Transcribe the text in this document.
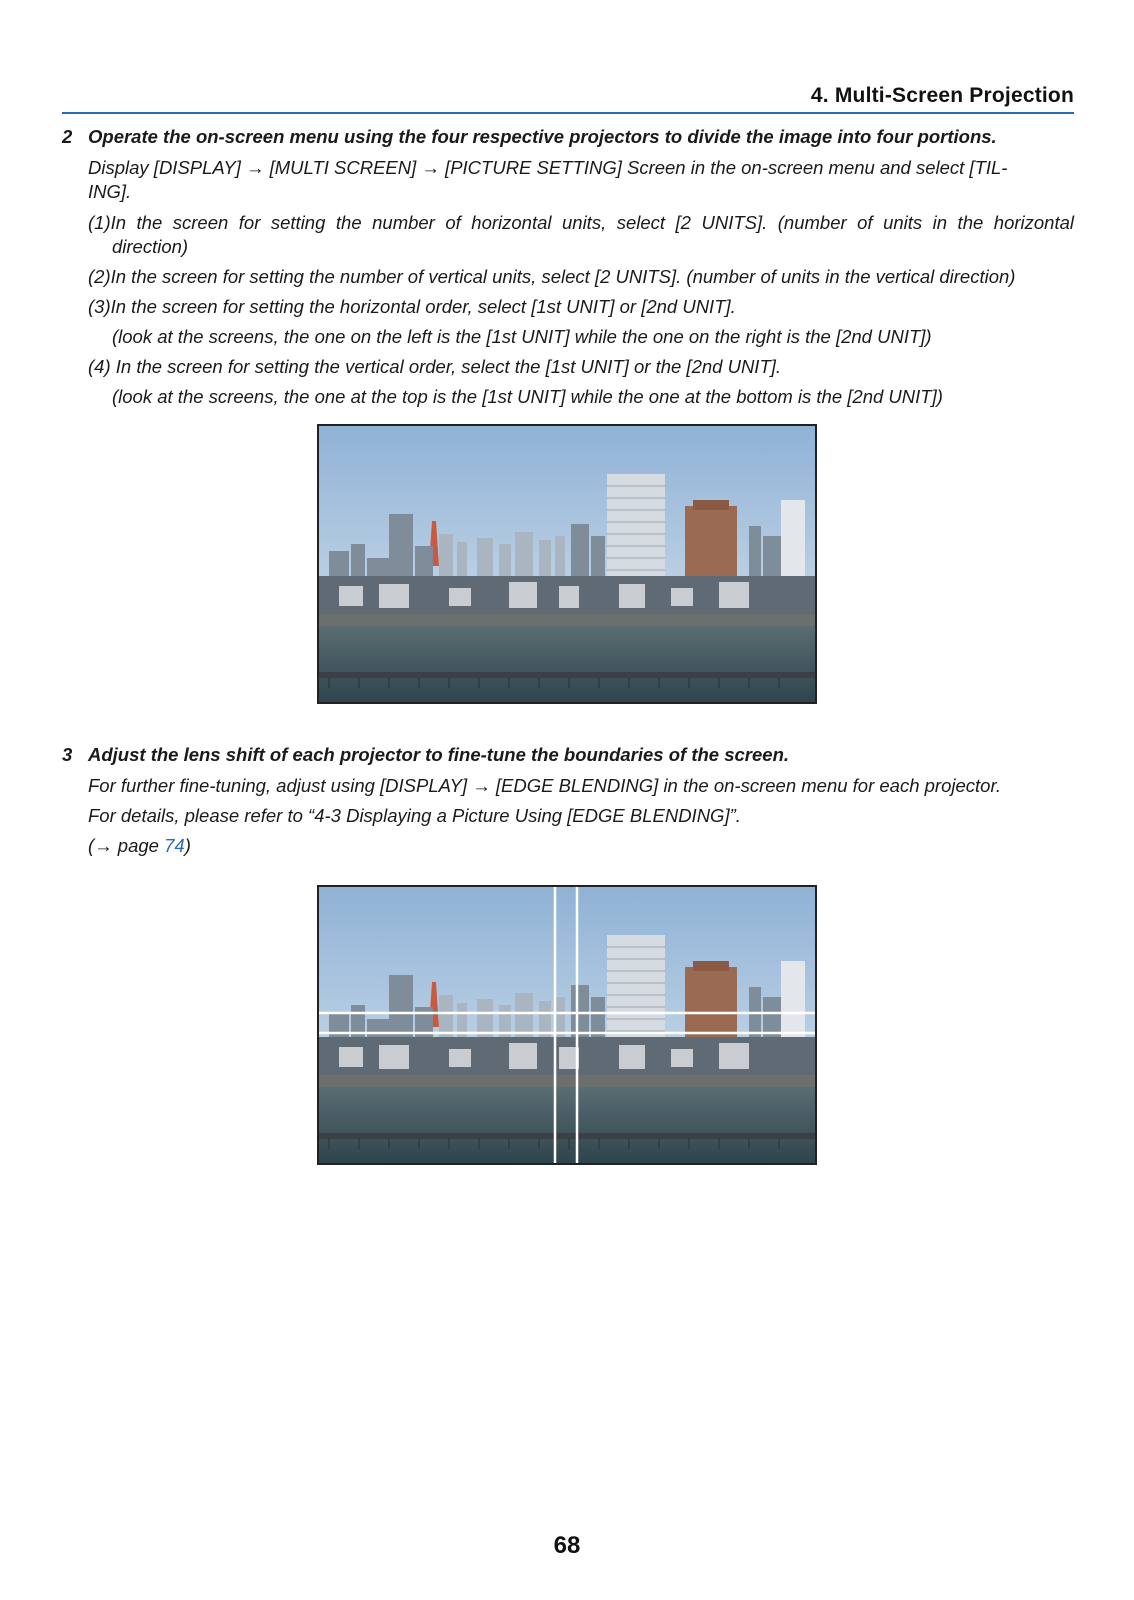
4. Multi-Screen Projection
2 Operate the on-screen menu using the four respective projectors to divide the image into four portions.
Display [DISPLAY] → [MULTI SCREEN] → [PICTURE SETTING] Screen in the on-screen menu and select [TIL-
ING].
(1)In the screen for setting the number of horizontal units, select [2 UNITS]. (number of units in the horizontal
direction)
(2)In the screen for setting the number of vertical units, select [2 UNITS]. (number of units in the vertical direction)
(3)In the screen for setting the horizontal order, select [1st UNIT] or [2nd UNIT].
(look at the screens, the one on the left is the [1st UNIT] while the one on the right is the [2nd UNIT])
(4) In the screen for setting the vertical order, select the [1st UNIT] or the [2nd UNIT].
(look at the screens, the one at the top is the [1st UNIT] while the one at the bottom is the [2nd UNIT])
3 Adjust the lens shift of each projector to fine-tune the boundaries of the screen.
For further fine-tuning, adjust using [DISPLAY] → [EDGE BLENDING] in the on-screen menu for each projector.
For details, please refer to “4-3 Displaying a Picture Using [EDGE BLENDING]”.
(→ page 74)
68
